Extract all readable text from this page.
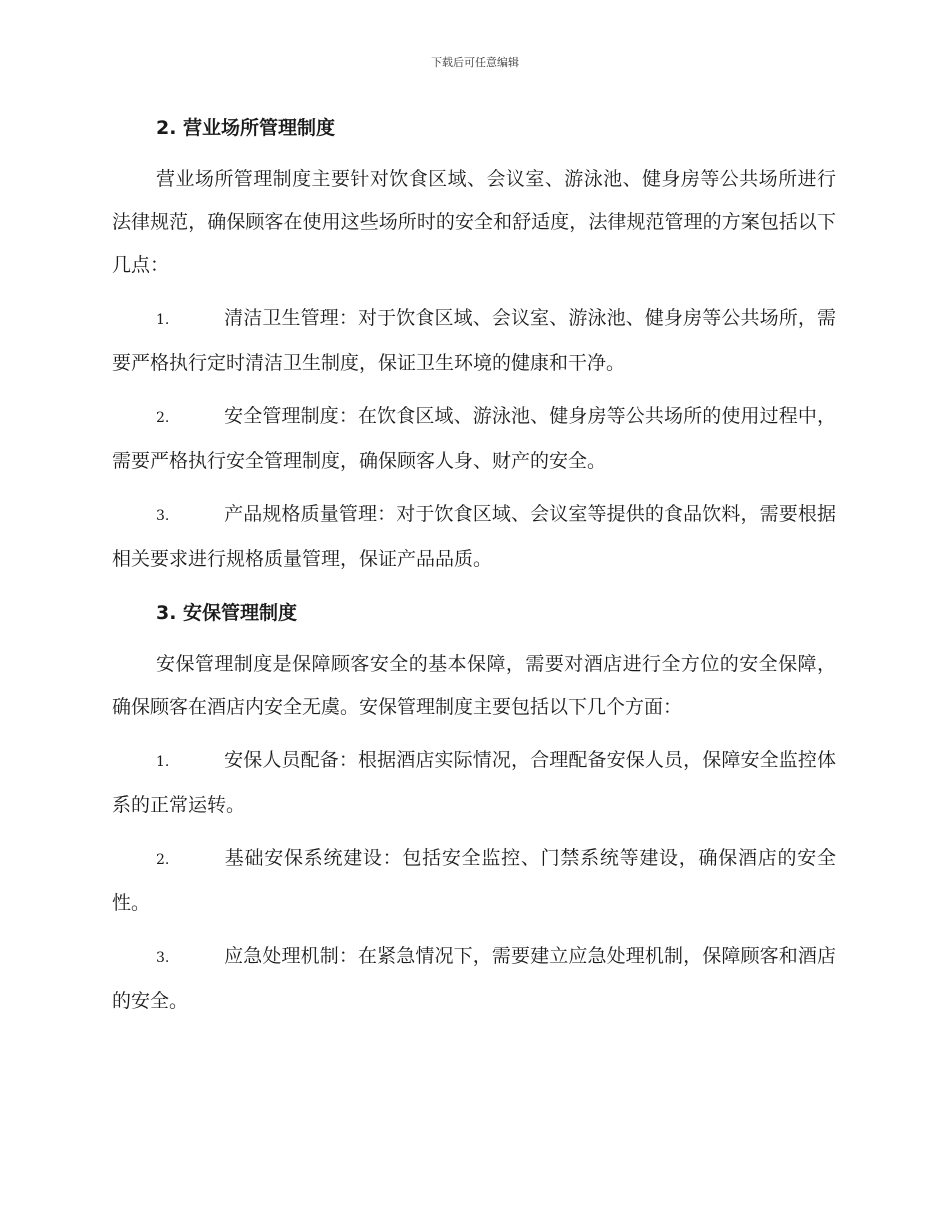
下载后可任意编辑
2. 营业场所管理制度

营业场所管理制度主要针对饮食区域、会议室、游泳池、健身房等公共场所进行法律规范，确保顾客在使用这些场所时的安全和舒适度，法律规范管理的方案包括以下几点：

1.	清洁卫生管理：对于饮食区域、会议室、游泳池、健身房等公共场所，需要严格执行定时清洁卫生制度，保证卫生环境的健康和干净。

2.	安全管理制度：在饮食区域、游泳池、健身房等公共场所的使用过程中，需要严格执行安全管理制度，确保顾客人身、财产的安全。

3.	产品规格质量管理：对于饮食区域、会议室等提供的食品饮料，需要根据相关要求进行规格质量管理，保证产品品质。

3. 安保管理制度

安保管理制度是保障顾客安全的基本保障，需要对酒店进行全方位的安全保障，确保顾客在酒店内安全无虞。安保管理制度主要包括以下几个方面：

1.	安保人员配备：根据酒店实际情况，合理配备安保人员，保障安全监控体系的正常运转。

2.	基础安保系统建设：包括安全监控、门禁系统等建设，确保酒店的安全性。

3.	应急处理机制：在紧急情况下，需要建立应急处理机制，保障顾客和酒店的安全。
